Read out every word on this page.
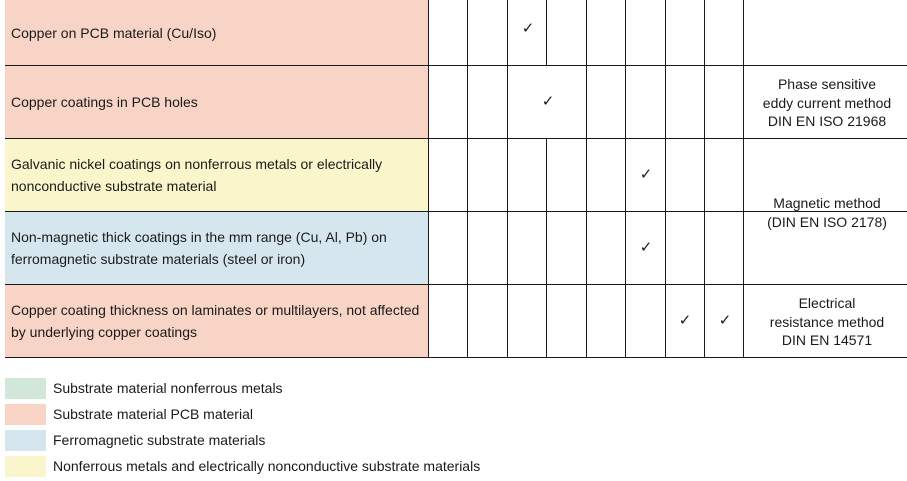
Copper on PCB material (Cu/Iso)
Copper coatings in PCB holes
Galvanic nickel coatings on nonferrous metals or electrically nonconductive substrate material
Non-magnetic thick coatings in the mm range (Cu, Al, Pb) on ferromagnetic substrate materials (steel or iron)
Copper coating thickness on laminates or multilayers, not affected by underlying copper coatings
✓
✓
✓
✓
✓	✓
Phase sensitive
eddy current method
DIN EN ISO 21968
Magnetic method
(DIN EN ISO 2178)
Electrical
resistance method
DIN EN 14571
Substrate material nonferrous metals
Substrate material PCB material
Ferromagnetic substrate materials
Nonferrous metals and electrically nonconductive substrate materials
